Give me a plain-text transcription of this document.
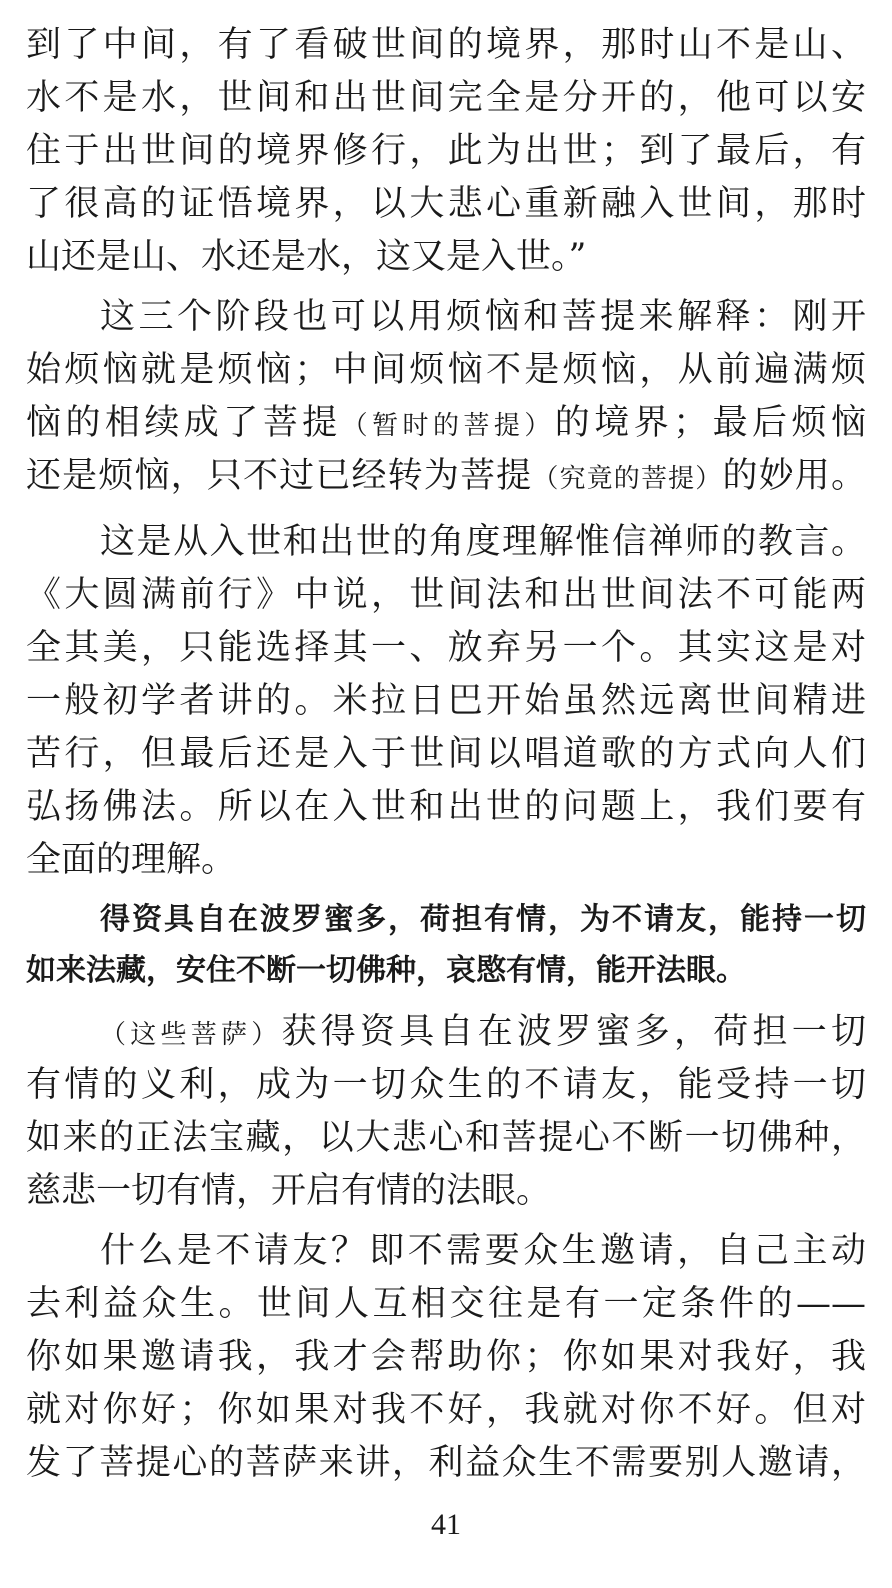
到了中间，有了看破世间的境界，那时山不是山、
水不是水，世间和出世间完全是分开的，他可以安
住于出世间的境界修行，此为出世；到了最后，有
了很高的证悟境界，以大悲心重新融入世间，那时
山还是山、水还是水，这又是入世。”
这三个阶段也可以用烦恼和菩提来解释：刚开
始烦恼就是烦恼；中间烦恼不是烦恼，从前遍满烦
恼的相续成了菩提（暂时的菩提）的境界；最后烦恼
还是烦恼，只不过已经转为菩提（究竟的菩提）的妙用。
这是从入世和出世的角度理解惟信禅师的教言。
《大圆满前行》中说，世间法和出世间法不可能两
全其美，只能选择其一、放弃另一个。其实这是对
一般初学者讲的。米拉日巴开始虽然远离世间精进
苦行，但最后还是入于世间以唱道歌的方式向人们
弘扬佛法。所以在入世和出世的问题上，我们要有
全面的理解。
得资具自在波罗蜜多，荷担有情，为不请友，能持一切
如来法藏，安住不断一切佛种，哀愍有情，能开法眼。
（这些菩萨）获得资具自在波罗蜜多，荷担一切
有情的义利，成为一切众生的不请友，能受持一切
如来的正法宝藏，以大悲心和菩提心不断一切佛种，
慈悲一切有情，开启有情的法眼。
什么是不请友？即不需要众生邀请，自己主动
去利益众生。世间人互相交往是有一定条件的——
你如果邀请我，我才会帮助你；你如果对我好，我
就对你好；你如果对我不好，我就对你不好。但对
发了菩提心的菩萨来讲，利益众生不需要别人邀请，
41
